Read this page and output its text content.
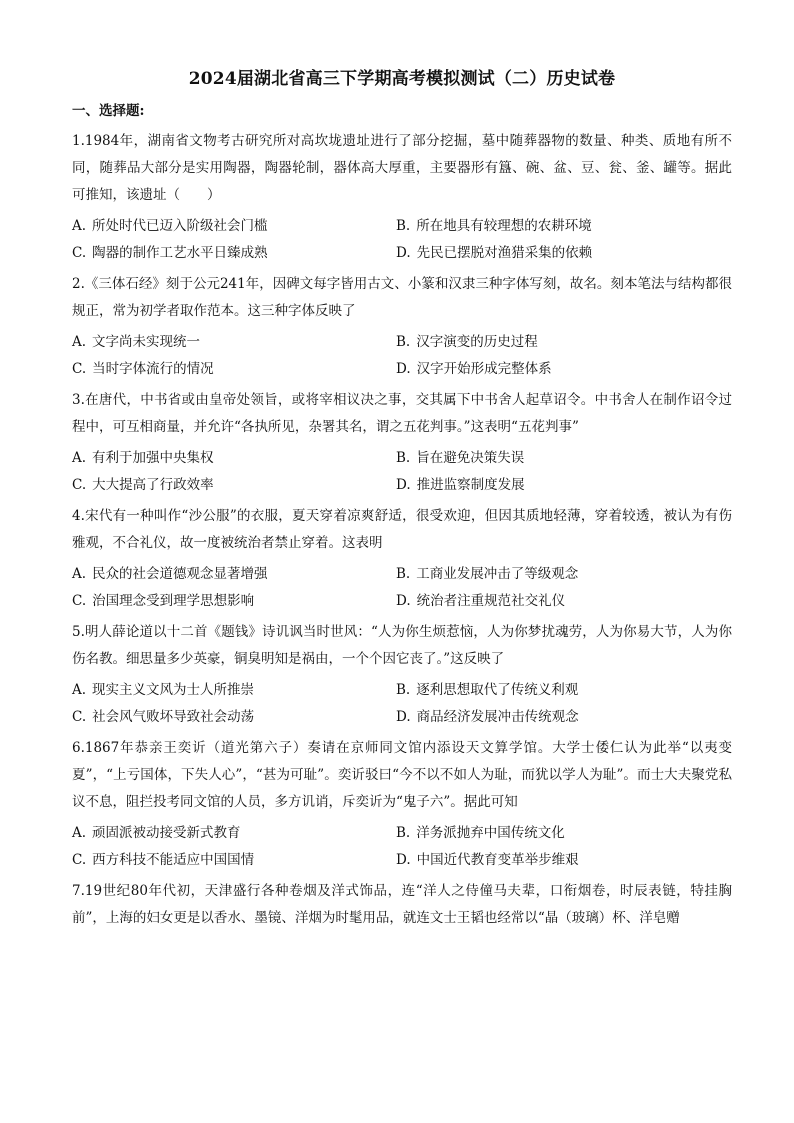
2024届湖北省高三下学期高考模拟测试（二）历史试卷
一、选择题:

1.1984年，湖南省文物考古研究所对高坎垅遗址进行了部分挖掘，墓中随葬器物的数量、种类、质地有所不同，随葬品大部分是实用陶器，陶器轮制，器体高大厚重，主要器形有簋、碗、盆、豆、瓮、釜、罐等。据此可推知，该遗址（　　）

A. 所处时代已迈入阶级社会门槛	B. 所在地具有较理想的农耕环境
C. 陶器的制作工艺水平日臻成熟	D. 先民已摆脱对渔猎采集的依赖

2.《三体石经》刻于公元241年，因碑文每字皆用古文、小篆和汉隶三种字体写刻，故名。刻本笔法与结构都很规正，常为初学者取作范本。这三种字体反映了

A. 文字尚未实现统一	B. 汉字演变的历史过程
C. 当时字体流行的情况	D. 汉字开始形成完整体系

3.在唐代，中书省或由皇帝处领旨，或将宰相议决之事，交其属下中书舍人起草诏令。中书舍人在制作诏令过程中，可互相商量，并允许“各执所见，杂署其名，谓之五花判事。”这表明“五花判事”

A. 有利于加强中央集权	B. 旨在避免决策失误
C. 大大提高了行政效率	D. 推进监察制度发展

4.宋代有一种叫作“沙公服”的衣服，夏天穿着凉爽舒适，很受欢迎，但因其质地轻薄，穿着较透，被认为有伤雅观，不合礼仪，故一度被统治者禁止穿着。这表明

A. 民众的社会道德观念显著增强	B. 工商业发展冲击了等级观念
C. 治国理念受到理学思想影响	D. 统治者注重规范社交礼仪

5.明人薛论道以十二首《题钱》诗讥讽当时世风：“人为你生烦惹恼，人为你梦扰魂劳，人为你易大节，人为你伤名教。细思量多少英豪，铜臭明知是祸由，一个个因它丧了。”这反映了

A. 现实主义文风为士人所推崇	B. 逐利思想取代了传统义利观
C. 社会风气败坏导致社会动荡	D. 商品经济发展冲击传统观念

6.1867年恭亲王奕䜣（道光第六子）奏请在京师同文馆内添设天文算学馆。大学士倭仁认为此举“以夷变夏”，“上亏国体，下失人心”，“甚为可耻”。奕䜣驳曰“今不以不如人为耻，而犹以学人为耻”。而士大夫聚党私议不息，阻拦投考同文馆的人员，多方讥诮，斥奕䜣为“鬼子六”。据此可知

A. 顽固派被动接受新式教育	B. 洋务派抛弃中国传统文化
C. 西方科技不能适应中国国情	D. 中国近代教育变革举步维艰

7.19世纪80年代初，天津盛行各种卷烟及洋式饰品，连“洋人之侍僮马夫辈，口衔烟卷，时辰表链，特挂胸前”，上海的妇女更是以香水、墨镜、洋烟为时髦用品，就连文士王韬也经常以“晶（玻璃）杯、洋皂赠
